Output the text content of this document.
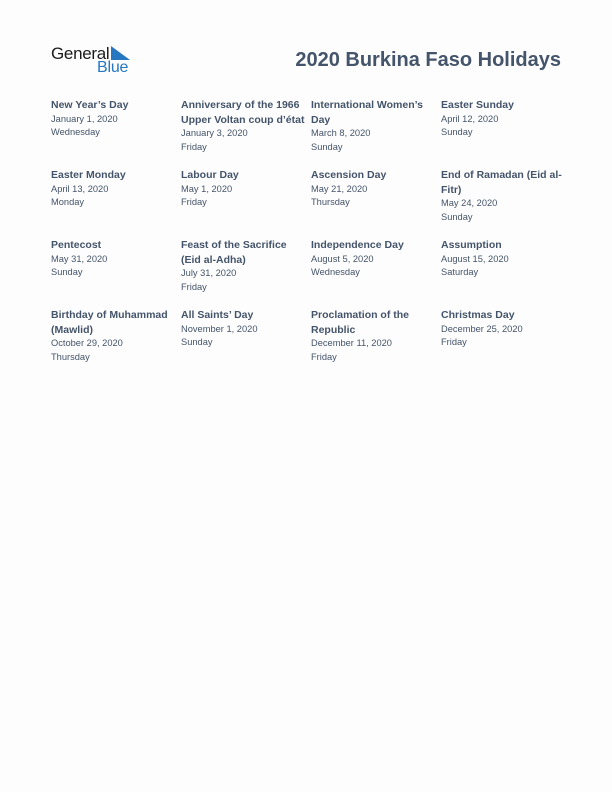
General
Blue	2020 Burkina Faso Holidays
New Year’s Day
January 1, 2020
Wednesday
Anniversary of the 1966 Upper Voltan coup d’état
January 3, 2020
Friday
International Women’s Day
March 8, 2020
Sunday
Easter Sunday
April 12, 2020
Sunday
Easter Monday
April 13, 2020
Monday
Labour Day
May 1, 2020
Friday
Ascension Day
May 21, 2020
Thursday
End of Ramadan (Eid al-Fitr)
May 24, 2020
Sunday
Pentecost
May 31, 2020
Sunday
Feast of the Sacrifice (Eid al-Adha)
July 31, 2020
Friday
Independence Day
August 5, 2020
Wednesday
Assumption
August 15, 2020
Saturday
Birthday of Muhammad (Mawlid)
October 29, 2020
Thursday
All Saints’ Day
November 1, 2020
Sunday
Proclamation of the Republic
December 11, 2020
Friday
Christmas Day
December 25, 2020
Friday
